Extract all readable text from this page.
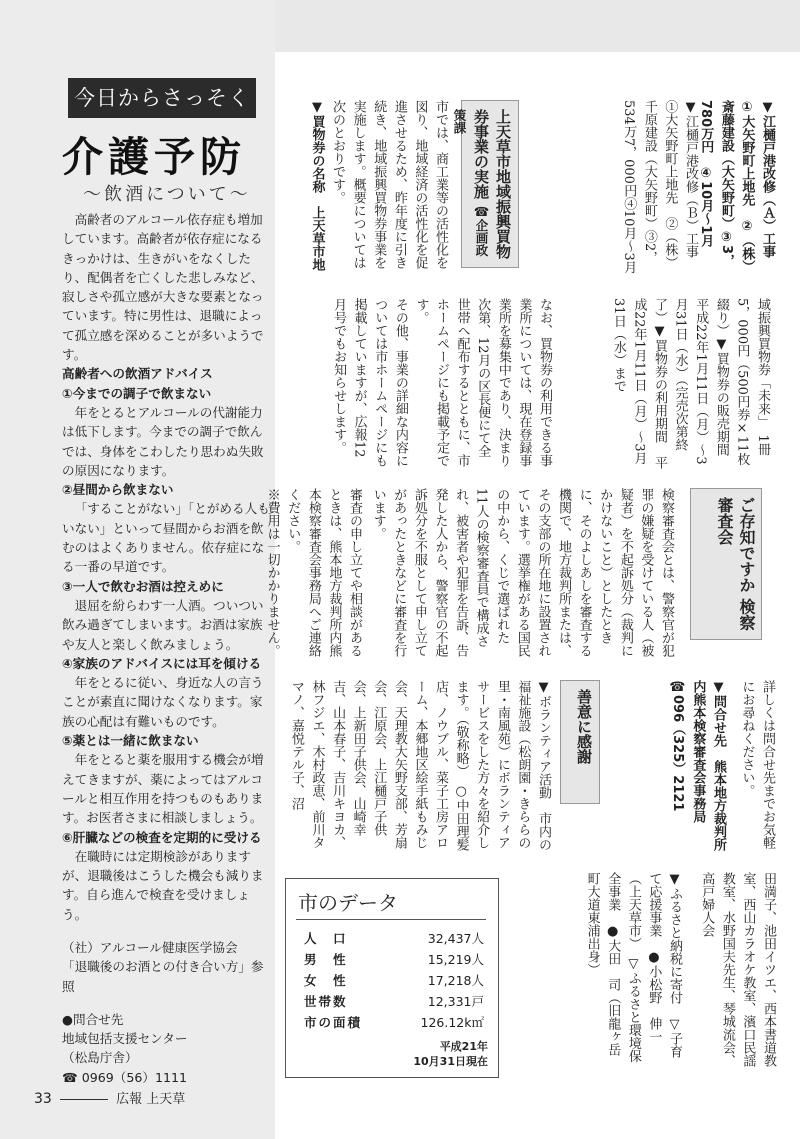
今日からさっそく
介護予防
～飲酒について～

高齢者のアルコール依存症も増加しています。高齢者が依存症になるきっかけは、生きがいをなくしたり、配偶者を亡くした悲しみなど、寂しさや孤立感が大きな要素となっています。特に男性は、退職によって孤立感を深めることが多いようです。

高齢者への飲酒アドバイス

①今までの調子で飲まない

年をとるとアルコールの代謝能力は低下します。今までの調子で飲んでは、身体をこわしたり思わぬ失敗の原因になります。

②昼間から飲まない

「することがない」「とがめる人もいない」といって昼間からお酒を飲むのはよくありません。依存症になる一番の早道です。

③一人で飲むお酒は控えめに

退屈を紛らわす一人酒。ついつい飲み過ぎてしまいます。お酒は家族や友人と楽しく飲みましょう。

④家族のアドバイスには耳を傾ける

年をとるに従い、身近な人の言うことが素直に聞けなくなります。家族の心配は有難いものです。

⑤薬とは一緒に飲まない

年をとると薬を服用する機会が増えてきますが、薬によってはアルコールと相互作用を持つものもあります。お医者さまに相談しましょう。

⑥肝臓などの検査を定期的に受ける

在職時には定期検診がありますが、退職後はこうした機会も減ります。自ら進んで検査を受けましょう。

（社）アルコール健康医学協会

「退職後のお酒との付き合い方」参照

●問合せ先

地域包括支援センター

（松島庁舎）

☎ 0969（56）1111

▼江樋戸港改修（Ａ）工事　①大矢野町上地先　②（株）斎藤建設（大矢野町）③3，780万円　④10月～1月

▼江樋戸港改修（Ｂ）工事　①大矢野町上地先　②（株）千原建設（大矢野町）③2，534万7，000円④10月～3月

上天草市地域振興買物券事業の実施 ☎企画政策課

市では、商工業等の活性化を図り、地域経済の活性化を促進させるため、昨年度に引き続き、地域振興買物券事業を実施します。概要については次のとおりです。

▼買物券の名称　上天草市地

域振興買物券「未来」　1冊5，000円（500円券×11枚綴り）▼買物券の販売期間　平成22年1月11日（月）～3月31日（水）（完売次第終了）▼買物券の利用期間　平成22年1月11日（月）～3月31日（水）まで

なお、買物券の利用できる事業所については、現在登録事業所を募集中であり、決まり次第、12月の区長便にて全世帯へ配布するとともに、市ホームページにも掲載予定です。

その他、事業の詳細な内容については市ホームページにも掲載していますが、広報12月号でもお知らせします。

ご存知ですか 検察審査会

検察審査会とは、警察官が犯罪の嫌疑を受けている人（被疑者）を不起訴処分（裁判にかけないこと）としたときに、そのよしあしを審査する機関で、地方裁判所または、その支部の所在地に設置されています。選挙権がある国民の中から、くじで選ばれた11人の検察審査員で構成され、被害者や犯罪を告訴、告発した人から、警察官の不起訴処分を不服として申し立てがあったときなどに審査を行います。

審査の申し立てや相談があるときは、熊本地方裁判所内熊本検察審査会事務局へご連絡ください。

※費用は一切かかりません。

詳しくは問合せ先までお気軽にお尋ねください。

▼問合せ先　熊本地方裁判所内熊本検察審査会事務局☎096（325）2121

善意に感謝

▼ボランティア活動　市内の福祉施設（松朗園・きららの里・南風苑）にボランティアサービスをした方々を紹介します。（敬称略）　○中田理髪店、ノウブル、菜子工房アローム、本郷地区絵手紙もみじ会、天理教大矢野支部、芳扇会、江原会、上江樋戸子供会、上新田子供会、山崎幸吉、山本春子、吉川キヨカ、林フジエ、木村政恵、前川タマノ、嘉悦テル子、沼

田満子、池田イツエ、西本書道教室、西山カラオケ教室、濱口民謡教室、水野国夫先生、琴城流会、高戸婦人会

▼ふるさと納税に寄付　▽子育て応援事業　●小松野　伸一（上天草市）　▽ふるさと環境保全事業　●大田　司（旧龍ヶ岳町大道東浦出身）

市のデータ
人　口	32,437人
男　性	15,219人
女　性	17,218人
世帯数	12,331戸
市の面積	126.12k㎡
平成21年
10月31日現在
33	広報 上天草
